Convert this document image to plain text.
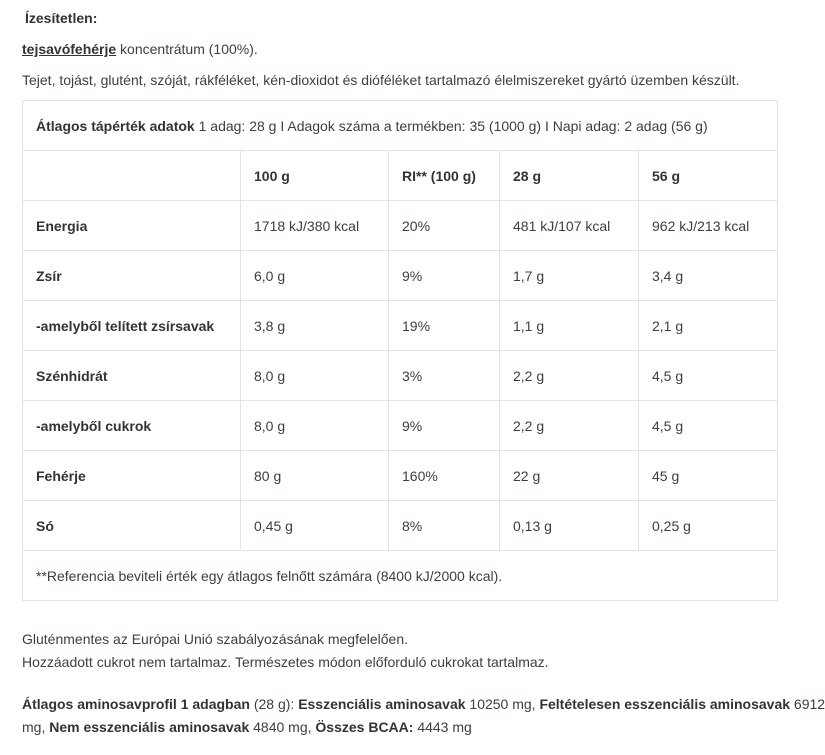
Ízesítetlen:
tejsavófehérje koncentrátum (100%).
Tejet, tojást, glutént, szóját, rákféléket, kén-dioxidot és dióféléket tartalmazó élelmiszereket gyártó üzemben készült.
Átlagos tápérték adatok 1 adag: 28 g I Adagok száma a termékben: 35 (1000 g) I Napi adag: 2 adag (56 g)				
	100 g	RI** (100 g)	28 g	56 g
Energia	1718 kJ/380 kcal	20%	481 kJ/107 kcal	962 kJ/213 kcal
Zsír	6,0 g	9%	1,7 g	3,4 g
-amelyből telített zsírsavak	3,8 g	19%	1,1 g	2,1 g
Szénhidrát	8,0 g	3%	2,2 g	4,5 g
-amelyből cukrok	8,0 g	9%	2,2 g	4,5 g
Fehérje	80 g	160%	22 g	45 g
Só	0,45 g	8%	0,13 g	0,25 g
**Referencia beviteli érték egy átlagos felnőtt számára (8400 kJ/2000 kcal).				
Gluténmentes az Európai Unió szabályozásának megfelelően.
Hozzáadott cukrot nem tartalmaz. Természetes módon előforduló cukrokat tartalmaz.
Átlagos aminosavprofil 1 adagban (28 g): Esszenciális aminosavak 10250 mg, Feltételesen esszenciális aminosavak 6912
mg, Nem esszenciális aminosavak 4840 mg, Összes BCAA: 4443 mg
